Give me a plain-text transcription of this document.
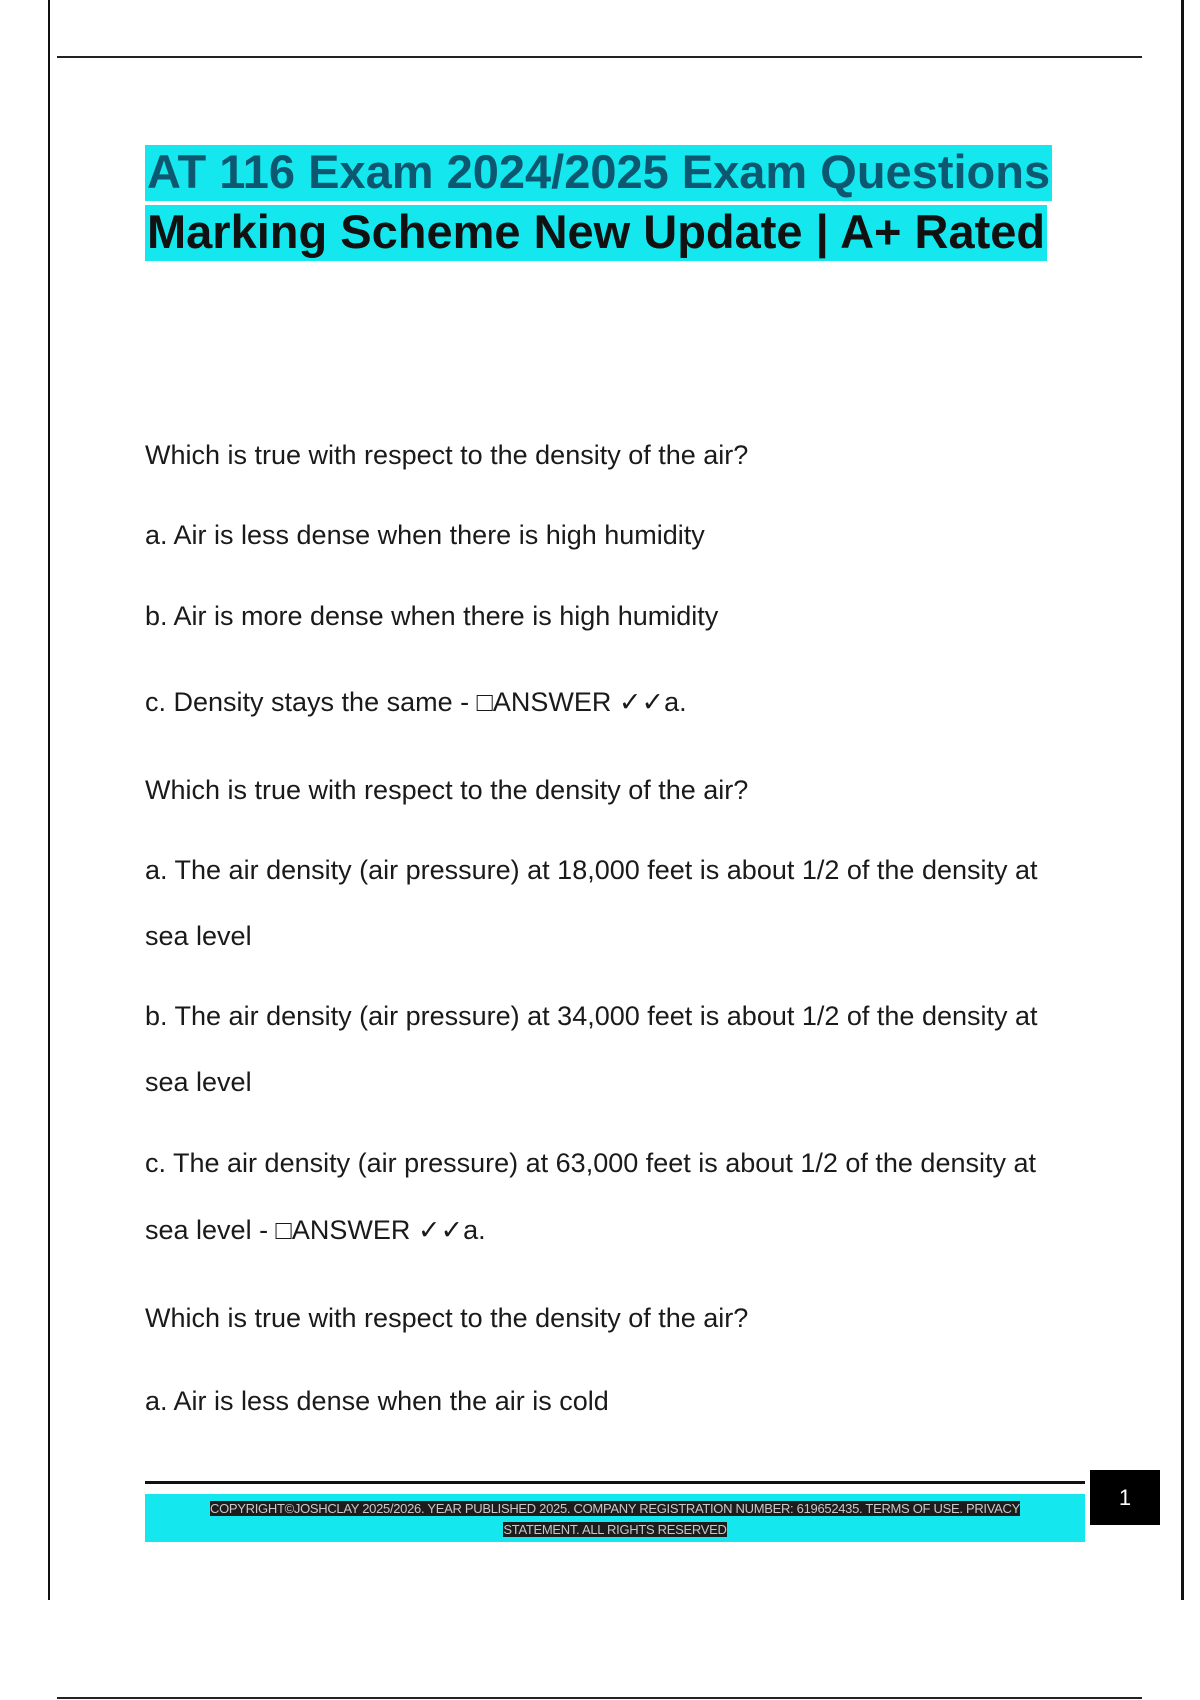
AT 116 Exam 2024/2025 Exam Questions
Marking Scheme New Update | A+ Rated

Which is true with respect to the density of the air?

a. Air is less dense when there is high humidity

b. Air is more dense when there is high humidity

c. Density stays the same - □ANSWER ✓✓a.

Which is true with respect to the density of the air?

a. The air density (air pressure) at 18,000 feet is about 1/2 of the density at

sea level

b. The air density (air pressure) at 34,000 feet is about 1/2 of the density at

sea level

c. The air density (air pressure) at 63,000 feet is about 1/2 of the density at

sea level - □ANSWER ✓✓a.

Which is true with respect to the density of the air?

a. Air is less dense when the air is cold

COPYRIGHT©JOSHCLAY 2025/2026. YEAR PUBLISHED 2025. COMPANY REGISTRATION NUMBER: 619652435. TERMS OF USE. PRIVACY STATEMENT. ALL RIGHTS RESERVED
1
